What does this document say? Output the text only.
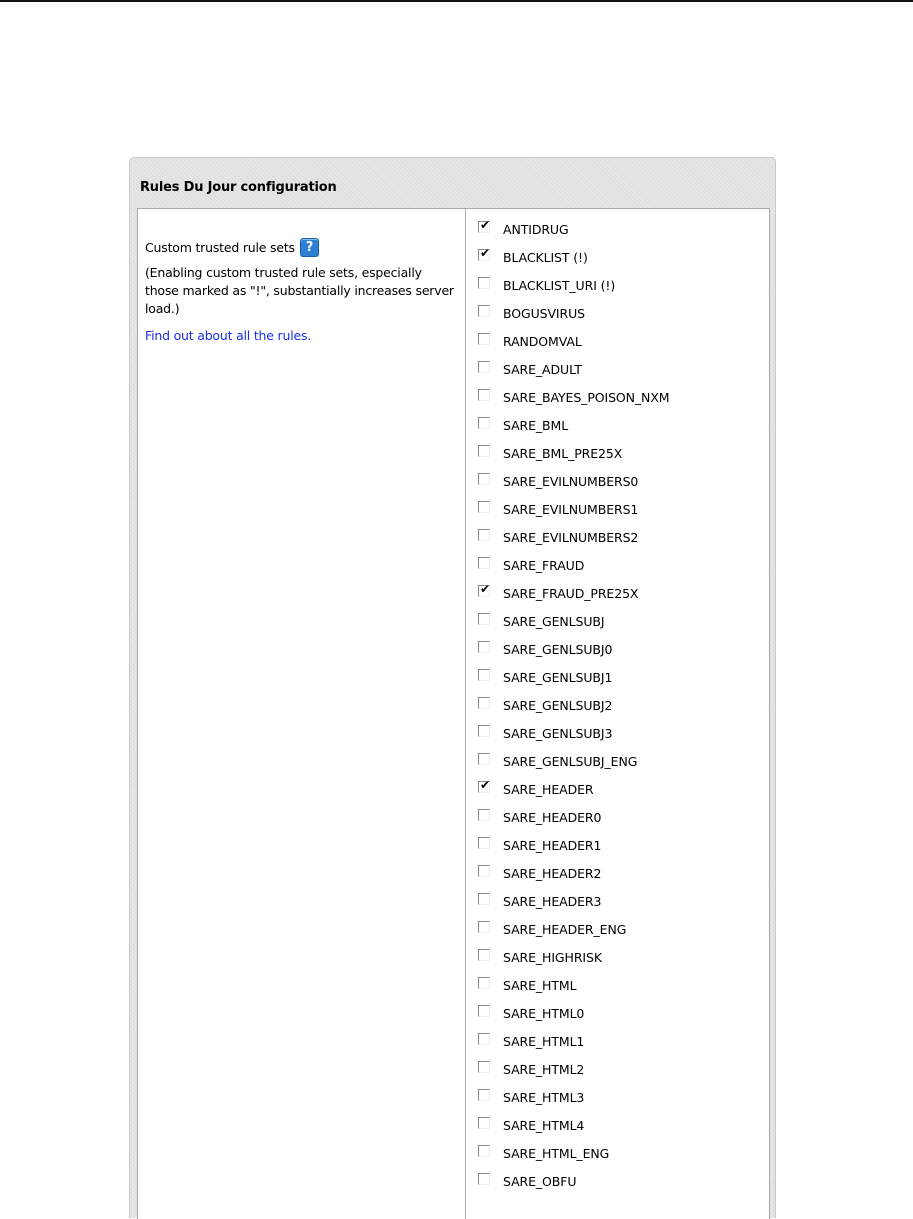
Rules Du Jour configuration
Custom trusted rule sets ?
(Enabling custom trusted rule sets, especially those marked as "!", substantially increases server load.)
Find out about all the rules.
✔ ANTIDRUG
✔ BLACKLIST (!)
BLACKLIST_URI (!)
BOGUSVIRUS
RANDOMVAL
SARE_ADULT
SARE_BAYES_POISON_NXM
SARE_BML
SARE_BML_PRE25X
SARE_EVILNUMBERS0
SARE_EVILNUMBERS1
SARE_EVILNUMBERS2
SARE_FRAUD
✔ SARE_FRAUD_PRE25X
SARE_GENLSUBJ
SARE_GENLSUBJ0
SARE_GENLSUBJ1
SARE_GENLSUBJ2
SARE_GENLSUBJ3
SARE_GENLSUBJ_ENG
✔ SARE_HEADER
SARE_HEADER0
SARE_HEADER1
SARE_HEADER2
SARE_HEADER3
SARE_HEADER_ENG
SARE_HIGHRISK
SARE_HTML
SARE_HTML0
SARE_HTML1
SARE_HTML2
SARE_HTML3
SARE_HTML4
SARE_HTML_ENG
SARE_OBFU
